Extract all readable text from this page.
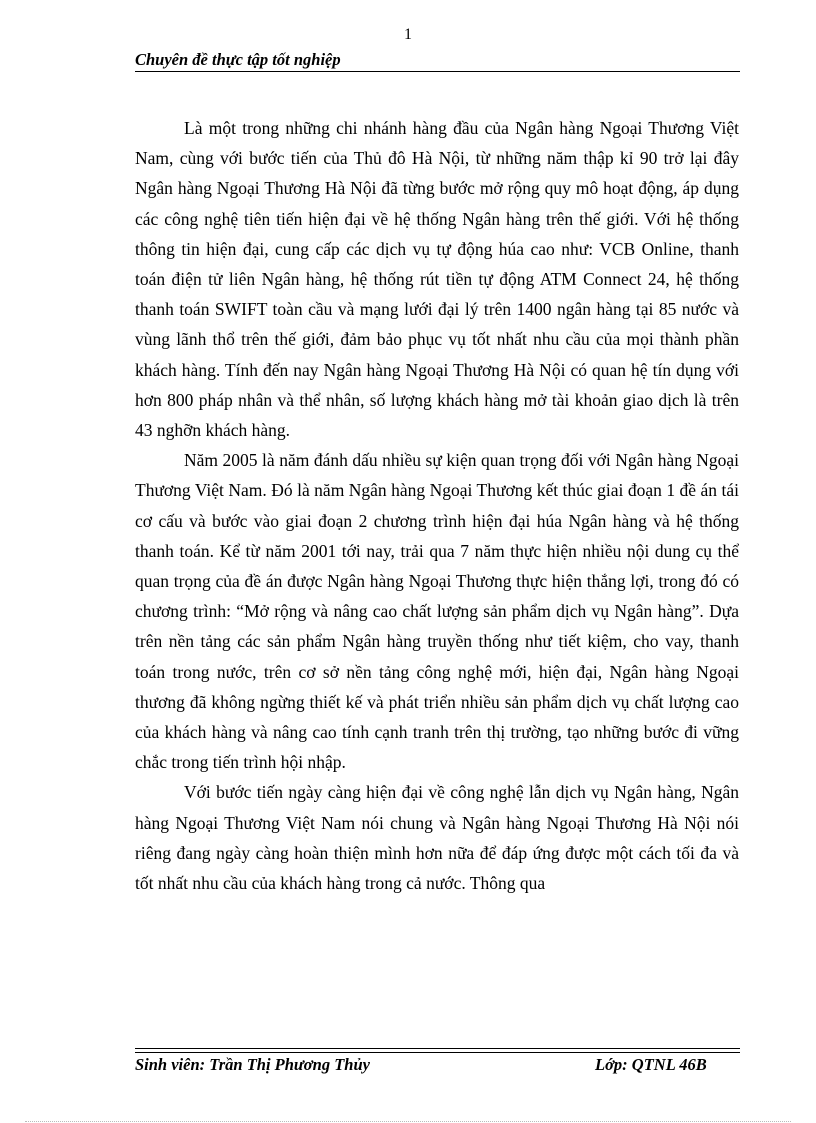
1
Chuyên đề thực tập tốt nghiệp

Là một trong những chi nhánh hàng đầu của Ngân hàng Ngoại Thương Việt Nam, cùng với bước tiến của Thủ đô Hà Nội, từ những năm thập kỉ 90 trở lại đây Ngân hàng Ngoại Thương Hà Nội đã từng bước mở rộng quy mô hoạt động, áp dụng các công nghệ tiên tiến hiện đại về hệ thống Ngân hàng trên thế giới. Với hệ thống thông tin hiện đại, cung cấp các dịch vụ tự động húa cao như: VCB Online, thanh toán điện tử liên Ngân hàng, hệ thống rút tiền tự động ATM Connect 24, hệ thống thanh toán SWIFT toàn cầu và mạng lưới đại lý trên 1400 ngân hàng tại 85 nước và vùng lãnh thổ trên thế giới, đảm bảo phục vụ tốt nhất nhu cầu của mọi thành phần khách hàng. Tính đến nay Ngân hàng Ngoại Thương Hà Nội có quan hệ tín dụng với hơn 800 pháp nhân và thể nhân, số lượng khách hàng mở tài khoản giao dịch là trên 43 nghỡn khách hàng.

Năm 2005 là năm đánh dấu nhiều sự kiện quan trọng đối với Ngân hàng Ngoại Thương Việt Nam. Đó là năm Ngân hàng Ngoại Thương kết thúc giai đoạn 1 đề án tái cơ cấu và bước vào giai đoạn 2 chương trình hiện đại húa Ngân hàng và hệ thống thanh toán. Kể từ năm 2001 tới nay, trải qua 7 năm thực hiện nhiều nội dung cụ thể quan trọng của đề án được Ngân hàng Ngoại Thương thực hiện thắng lợi, trong đó có chương trình: “Mở rộng và nâng cao chất lượng sản phẩm dịch vụ Ngân hàng”. Dựa trên nền tảng các sản phẩm Ngân hàng truyền thống như tiết kiệm, cho vay, thanh toán trong nước, trên cơ sở nền tảng công nghệ mới, hiện đại, Ngân hàng Ngoại thương đã không ngừng thiết kế và phát triển nhiều sản phẩm dịch vụ chất lượng cao của khách hàng và nâng cao tính cạnh tranh trên thị trường, tạo những bước đi vững chắc trong tiến trình hội nhập.

Với bước tiến ngày càng hiện đại về công nghệ lẫn dịch vụ Ngân hàng, Ngân hàng Ngoại Thương Việt Nam nói chung và Ngân hàng Ngoại Thương Hà Nội nói riêng đang ngày càng hoàn thiện mình hơn nữa để đáp ứng được một cách tối đa và tốt nhất nhu cầu của khách hàng trong cả nước. Thông qua

Sinh viên: Trần Thị Phương Thủy	Lớp: QTNL 46B
